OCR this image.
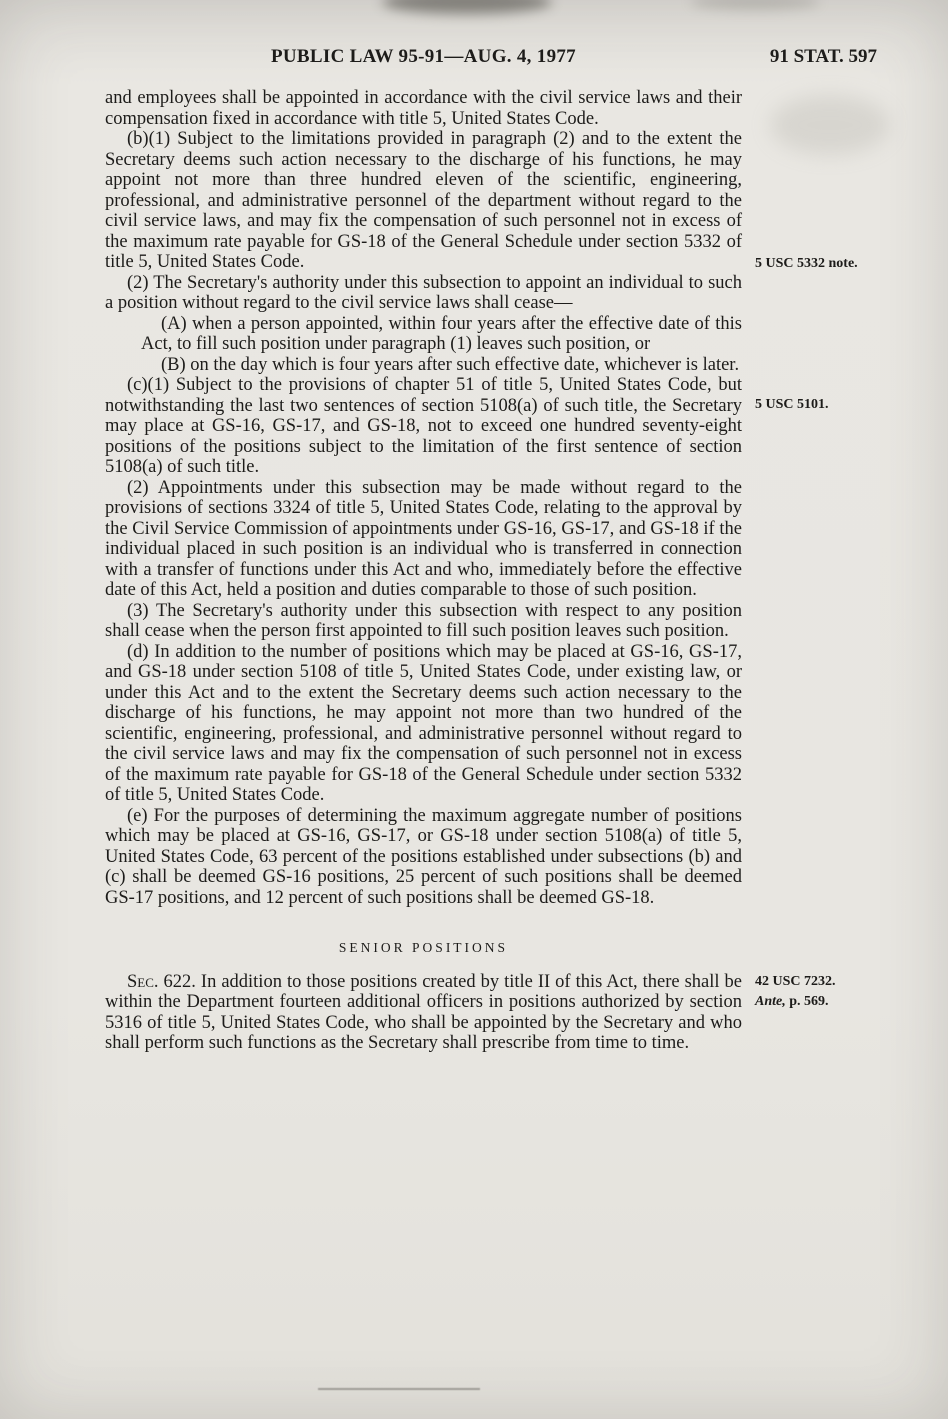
PUBLIC LAW 95-91—AUG. 4, 1977	91 STAT. 597

and employees shall be appointed in accordance with the civil service laws and their compensation fixed in accordance with title 5, United States Code.

(b)(1) Subject to the limitations provided in paragraph (2) and to the extent the Secretary deems such action necessary to the discharge of his functions, he may appoint not more than three hundred eleven of the scientific, engineering, professional, and administrative personnel of the department without regard to the civil service laws, and may fix the compensation of such personnel not in excess of the maximum rate payable for GS-18 of the General Schedule under section 5332 of title 5, United States Code.	5 USC 5332 note.

(2) The Secretary's authority under this subsection to appoint an individual to such a position without regard to the civil service laws shall cease—

(A) when a person appointed, within four years after the effective date of this Act, to fill such position under paragraph (1) leaves such position, or

(B) on the day which is four years after such effective date, whichever is later.

(c)(1) Subject to the provisions of chapter 51 of title 5, United States Code, but notwithstanding the last two sentences of section 5108(a) of such title, the Secretary may place at GS-16, GS-17, and GS-18, not to exceed one hundred seventy-eight positions of the positions subject to the limitation of the first sentence of section 5108(a) of such title.
5 USC 5101.

(2) Appointments under this subsection may be made without regard to the provisions of sections 3324 of title 5, United States Code, relating to the approval by the Civil Service Commission of appointments under GS-16, GS-17, and GS-18 if the individual placed in such position is an individual who is transferred in connection with a transfer of functions under this Act and who, immediately before the effective date of this Act, held a position and duties comparable to those of such position.

(3) The Secretary's authority under this subsection with respect to any position shall cease when the person first appointed to fill such position leaves such position.

(d) In addition to the number of positions which may be placed at GS-16, GS-17, and GS-18 under section 5108 of title 5, United States Code, under existing law, or under this Act and to the extent the Secretary deems such action necessary to the discharge of his functions, he may appoint not more than two hundred of the scientific, engineering, professional, and administrative personnel without regard to the civil service laws and may fix the compensation of such personnel not in excess of the maximum rate payable for GS-18 of the General Schedule under section 5332 of title 5, United States Code.

(e) For the purposes of determining the maximum aggregate number of positions which may be placed at GS-16, GS-17, or GS-18 under section 5108(a) of title 5, United States Code, 63 percent of the positions established under subsections (b) and (c) shall be deemed GS-16 positions, 25 percent of such positions shall be deemed GS-17 positions, and 12 percent of such positions shall be deemed GS-18.

SENIOR POSITIONS

Sec. 622. In addition to those positions created by title II of this Act, there shall be within the Department fourteen additional officers in positions authorized by section 5316 of title 5, United States Code, who shall be appointed by the Secretary and who shall perform such functions as the Secretary shall prescribe from time to time.
42 USC 7232.
Ante, p. 569.
